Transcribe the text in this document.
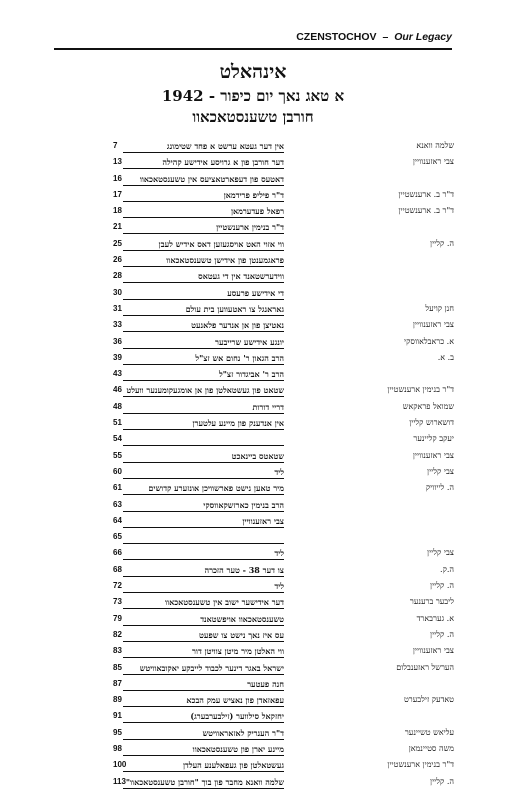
CZENSTOCHOV – Our Legacy
אינהאלט
א טאג נאך יום כיפור - 1942
חורבן טשענסטאכאוו
7	אין דער געטא ערשט א פחד שטימונג	שלמה וואנא
13	דער חורבן פון א גרויסע אידישע קהילה	צבי ראזענוויין
16	דאטעס פון דעפארטאציעס אין טשענסטאכאוו
17	ד"ר פיליפ פרידמאן	ד"ר ב. ארענשטיין
18	רפאל פעדערמאן	ד"ר ב. ארענשטיין
21	ד"ר בנימין ארענשטיין
25	ווי אזוי האט אויסגעזען דאס אידיש לעבן	ה. קליין
26	פראגמענטן פון אידישן טשענסטאכאוו
28	ווידערשטאנד אין די געטאס
30	די אידישע פרעסע
31	גאראנגל צו ראטעווען בית עולם	חנן קויעל
33	נאטיצן פון אן אנדער פלאנעט	צבי ראזענוויין
36	יונגע אידישע שרייבער	א. כראבלאווסקי
39	הרב הגאון ר' נחום אש זצ"ל	ב. א.
43	הרב ר' אביגדור זצ"ל
46 שטאט פון געשטאלטן פון אן אומגעקומענער וועלט	ד"ר בנימין ארענשטיין
48	דריי דורות	שמואל פראקאש
51	אין אנדענק פון מיינע עלטערן	דושארוש קליין
54	יעקב קליינער
55	שטאטס ביינאכט	צבי ראזענוויין
60	ליד	צבי קליין
61	מיר טאען נישט פארשוויכן אונזערע קדושים	ה. לייוויק
63	הרב בנימין כארזשקאווסקי
64	צבי ראזענוויין
65
66	ליד	צבי קליין
68	צו דער 38 - טער הזכרה	ה.ק.
72	ליד	ה. קליין
73	דער אידישער ישוב אין טשענסטאכאוו	ליבער ברענער
79	טשענסטאכאוו אויפשטאנד	א. גערבארד
82	עס איז נאך נישט צו שפעט	ה. קליין
83	ווי האלטן מיר מיטן צוויטן דור	צבי ראזענוויין
85	ישראל באגר דינער לכבוד לייבקע יאקובאוויטש	הערשל ראזענבלום
87	חנה פעטער
89	עפאזאדן פון נאציש עמק הבכא	טאדעק זילבערט
91	יחזקאל סילווער (זילבערבערג)
95	ד"ר הענריק לאזאראוויטש	עליאש טשיינער
98	מיינע יארן פון טשענסטאכאוו	משה סטיינמאן
100	געשטאלטן פון געפאלענע העלדן	ד"ר בנימין ארענשטיין
113 שלמה וואנא מחבר פון בוך "חורבן טשענסטאכאוו"	ה. קליין
